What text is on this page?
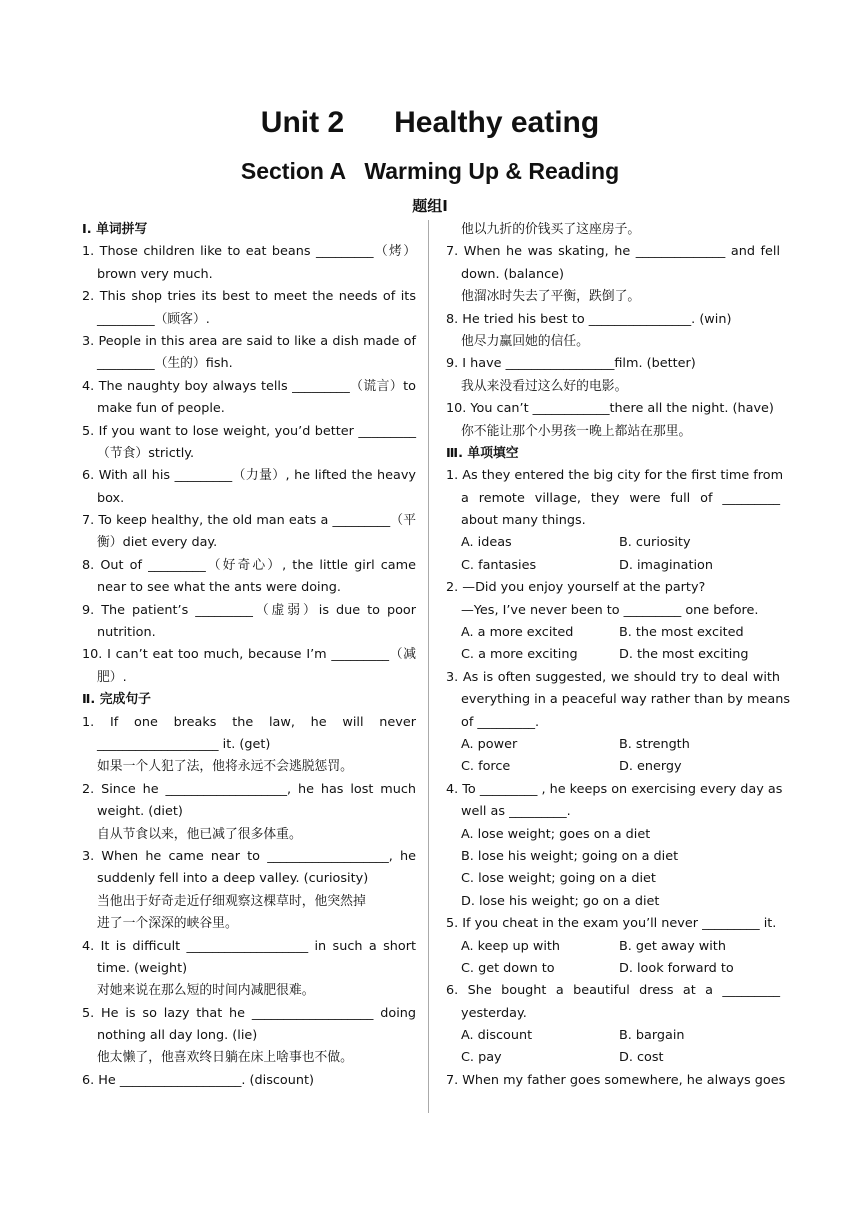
Unit 2      Healthy eating
Section A   Warming Up & Reading
题组Ⅰ
Ⅰ. 单词拼写
1. Those children like to eat beans _________（烤）
brown very much.
2. This shop tries its best to meet the needs of its
_________（顾客）.
3. People in this area are said to like a dish made of
_________（生的）fish.
4. The naughty boy always tells _________（谎言）to
make fun of people.
5. If you want to lose weight, you’d better _________
（节食）strictly.
6. With all his _________（力量）, he lifted the heavy
box.
7. To keep healthy, the old man eats a _________（平
衡）diet every day.
8. Out of _________（好奇心）, the little girl came
near to see what the ants were doing.
9. The patient’s _________（虚弱）is due to poor
nutrition.
10. I can’t eat too much, because I’m _________（减
肥）.
Ⅱ. 完成句子
1. If one breaks the law, he will never
___________________ it. (get)
如果一个人犯了法，他将永远不会逃脱惩罚。
2. Since he ___________________, he has lost much
weight. (diet)
自从节食以来，他已减了很多体重。
3. When he came near to ___________________, he
suddenly fell into a deep valley. (curiosity)
当他出于好奇走近仔细观察这棵草时，他突然掉
进了一个深深的峡谷里。
4. It is difficult ___________________ in such a short
time. (weight)
对她来说在那么短的时间内减肥很难。
5. He is so lazy that he ___________________ doing
nothing all day long. (lie)
他太懒了，他喜欢终日躺在床上啥事也不做。
6. He ___________________. (discount)
他以九折的价钱买了这座房子。
7. When he was skating, he ______________ and fell
down. (balance)
他溜冰时失去了平衡，跌倒了。
8. He tried his best to ________________. (win)
他尽力赢回她的信任。
9. I have _________________film. (better)
我从来没看过这么好的电影。
10. You can’t ____________there all the night. (have)
你不能让那个小男孩一晚上都站在那里。
Ⅲ. 单项填空
1. As they entered the big city for the first time from
a remote village, they were full of _________
about many things.
A. ideas	B. curiosity
C. fantasies	D. imagination
2. —Did you enjoy yourself at the party?
—Yes, I’ve never been to _________ one before.
A. a more excited	B. the most excited
C. a more exciting	D. the most exciting
3. As is often suggested, we should try to deal with
everything in a peaceful way rather than by means
of _________.
A. power	B. strength
C. force	D. energy
4. To _________ , he keeps on exercising every day as
well as _________.
A. lose weight; goes on a diet
B. lose his weight; going on a diet
C. lose weight; going on a diet
D. lose his weight; go on a diet
5. If you cheat in the exam you’ll never _________ it.
A. keep up with	B. get away with
C. get down to	D. look forward to
6. She bought a beautiful dress at a _________
yesterday.
A. discount	B. bargain
C. pay	D. cost
7. When my father goes somewhere, he always goes
